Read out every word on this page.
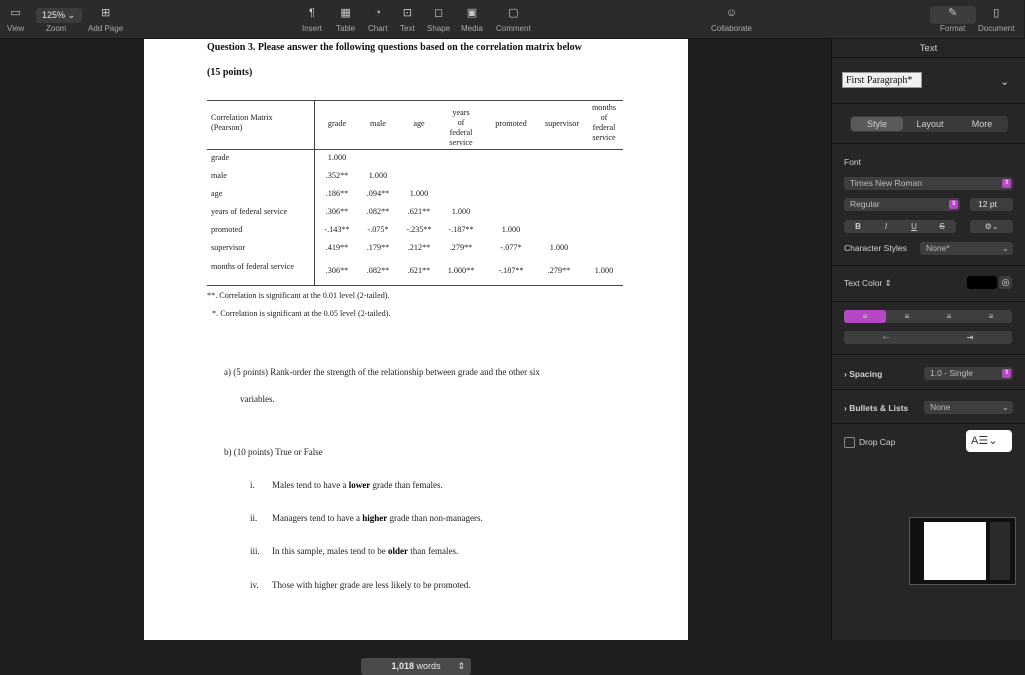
▭
View
125% ⌄
Zoom
⊞
Add Page
¶
Insert
▦
Table
◔
Chart
⊡
Text
◻
Shape
▣
Media
▢
Comment
☺
Collaborate
✎
Format
▯
Document
Question 3. Please answer the following questions based on the correlation matrix below
(15 points)
Correlation Matrix
(Pearson)	grade	male	age
years of federal service
promoted	supervisor
months of federal service
grade	1.000
male	.352**	1.000
age	.186**	.094**	1.000
years of federal service	.306**	.082**	.621**	1.000
promoted	-.143**	-.075*	-.235**	-.187**	1.000
supervisor	.419**	.179**	.212**	.279**	-.077*	1.000
months of federal service	.306**	.082**	.621**	1.000**	-.187**	.279**	1.000
**. Correlation is significant at the 0.01 level (2-tailed).
*. Correlation is significant at the 0.05 level (2-tailed).
a) (5 points) Rank-order the strength of the relationship between grade and the other six
variables.
b) (10 points) True or False
i. Males tend to have a lower grade than females.
ii. Managers tend to have a higher grade than non-managers.
iii. In this sample, males tend to be older than females.
iv. Those with higher grade are less likely to be promoted.
1,018 words ⇕
Text
First Paragraph*	⌄
Style	Layout	More
Font
Times New Roman	⇕
Regular	⇕	12 pt
B	I	U	S	⚙⌄
Character Styles	None*	⌄
Text Color ⇕	◎
≡	≡	≡	≡
⇤	⇥
› Spacing	1.0 - Single	⇕
› Bullets & Lists	None	⌄
Drop Cap	A☰⌄
